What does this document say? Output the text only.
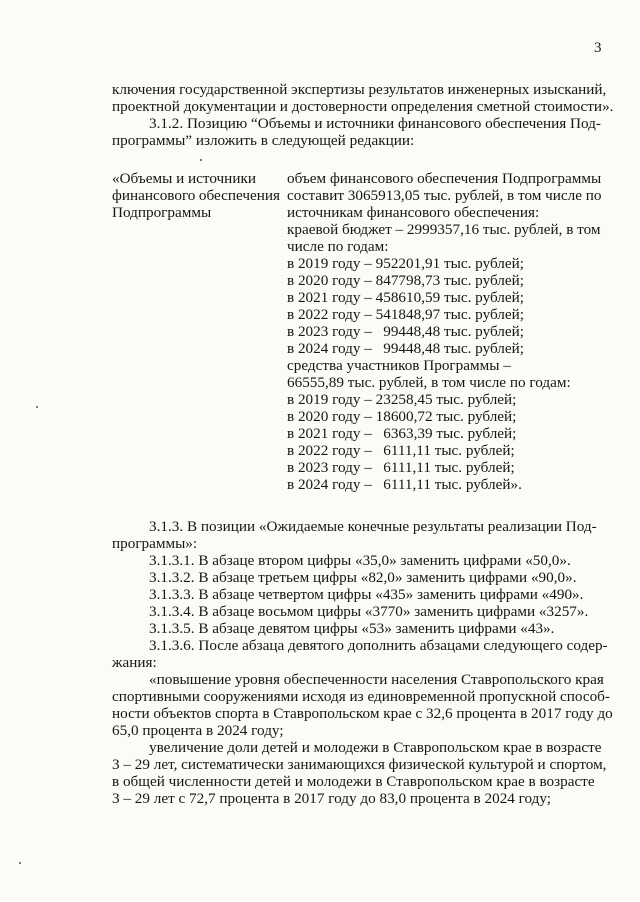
3
ключения государственной экспертизы результатов инженерных изысканий,
проектной документации и достоверности определения сметной стоимости».
3.1.2. Позицию “Объемы и источники финансового обеспечения Под-
программы” изложить в следующей редакции:
«Объемы и источники
финансового обеспечения
Подпрограммы
объем финансового обеспечения Подпрограммы
составит 3065913,05 тыс. рублей, в том числе по
источникам финансового обеспечения:
краевой бюджет – 2999357,16 тыс. рублей, в том
числе по годам:
в 2019 году – 952201,91 тыс. рублей;
в 2020 году – 847798,73 тыс. рублей;
в 2021 году – 458610,59 тыс. рублей;
в 2022 году – 541848,97 тыс. рублей;
в 2023 году –   99448,48 тыс. рублей;
в 2024 году –   99448,48 тыс. рублей;
средства участников Программы –
66555,89 тыс. рублей, в том числе по годам:
в 2019 году – 23258,45 тыс. рублей;
в 2020 году – 18600,72 тыс. рублей;
в 2021 году –   6363,39 тыс. рублей;
в 2022 году –   6111,11 тыс. рублей;
в 2023 году –   6111,11 тыс. рублей;
в 2024 году –   6111,11 тыс. рублей».
3.1.3. В позиции «Ожидаемые конечные результаты реализации Под-
программы»:
3.1.3.1. В абзаце втором цифры «35,0» заменить цифрами «50,0».
3.1.3.2. В абзаце третьем цифры «82,0» заменить цифрами «90,0».
3.1.3.3. В абзаце четвертом цифры «435» заменить цифрами «490».
3.1.3.4. В абзаце восьмом цифры «3770» заменить цифрами «3257».
3.1.3.5. В абзаце девятом цифры «53» заменить цифрами «43».
3.1.3.6. После абзаца девятого дополнить абзацами следующего содер-
жания:
«повышение уровня обеспеченности населения Ставропольского края
спортивными сооружениями исходя из единовременной пропускной способ-
ности объектов спорта в Ставропольском крае с 32,6 процента в 2017 году до
65,0 процента в 2024 году;
увеличение доли детей и молодежи в Ставропольском крае в возрасте
3 – 29 лет, систематически занимающихся физической культурой и спортом,
в общей численности детей и молодежи в Ставропольском крае в возрасте
3 – 29 лет с 72,7 процента в 2017 году до 83,0 процента в 2024 году;
